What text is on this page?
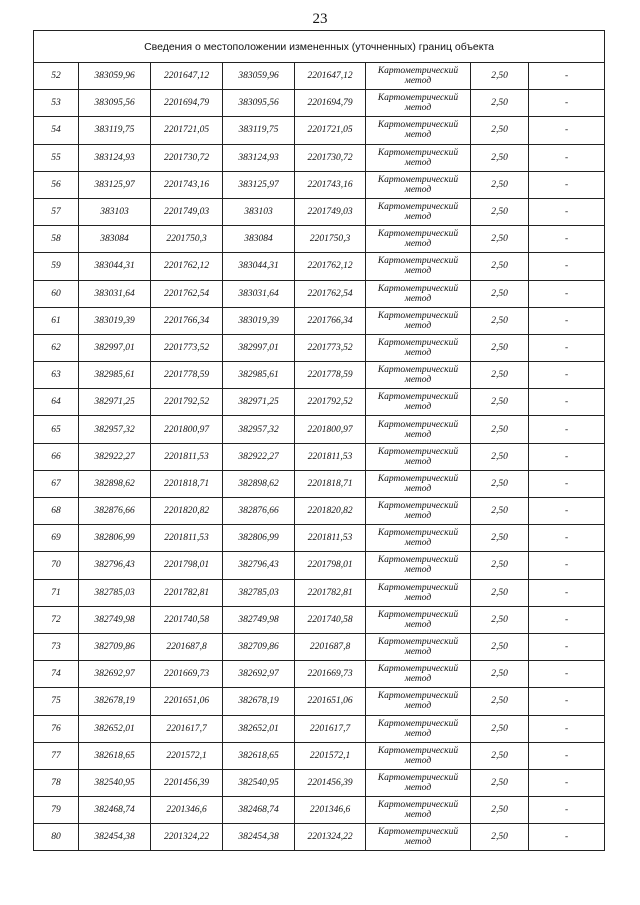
23
Сведения о местоположении измененных (уточненных) границ объекта							
52	383059,96	2201647,12	383059,96	2201647,12	Картометрический метод	2,50	-
53	383095,56	2201694,79	383095,56	2201694,79	Картометрический метод	2,50	-
54	383119,75	2201721,05	383119,75	2201721,05	Картометрический метод	2,50	-
55	383124,93	2201730,72	383124,93	2201730,72	Картометрический метод	2,50	-
56	383125,97	2201743,16	383125,97	2201743,16	Картометрический метод	2,50	-
57	383103	2201749,03	383103	2201749,03	Картометрический метод	2,50	-
58	383084	2201750,3	383084	2201750,3	Картометрический метод	2,50	-
59	383044,31	2201762,12	383044,31	2201762,12	Картометрический метод	2,50	-
60	383031,64	2201762,54	383031,64	2201762,54	Картометрический метод	2,50	-
61	383019,39	2201766,34	383019,39	2201766,34	Картометрический метод	2,50	-
62	382997,01	2201773,52	382997,01	2201773,52	Картометрический метод	2,50	-
63	382985,61	2201778,59	382985,61	2201778,59	Картометрический метод	2,50	-
64	382971,25	2201792,52	382971,25	2201792,52	Картометрический метод	2,50	-
65	382957,32	2201800,97	382957,32	2201800,97	Картометрический метод	2,50	-
66	382922,27	2201811,53	382922,27	2201811,53	Картометрический метод	2,50	-
67	382898,62	2201818,71	382898,62	2201818,71	Картометрический метод	2,50	-
68	382876,66	2201820,82	382876,66	2201820,82	Картометрический метод	2,50	-
69	382806,99	2201811,53	382806,99	2201811,53	Картометрический метод	2,50	-
70	382796,43	2201798,01	382796,43	2201798,01	Картометрический метод	2,50	-
71	382785,03	2201782,81	382785,03	2201782,81	Картометрический метод	2,50	-
72	382749,98	2201740,58	382749,98	2201740,58	Картометрический метод	2,50	-
73	382709,86	2201687,8	382709,86	2201687,8	Картометрический метод	2,50	-
74	382692,97	2201669,73	382692,97	2201669,73	Картометрический метод	2,50	-
75	382678,19	2201651,06	382678,19	2201651,06	Картометрический метод	2,50	-
76	382652,01	2201617,7	382652,01	2201617,7	Картометрический метод	2,50	-
77	382618,65	2201572,1	382618,65	2201572,1	Картометрический метод	2,50	-
78	382540,95	2201456,39	382540,95	2201456,39	Картометрический метод	2,50	-
79	382468,74	2201346,6	382468,74	2201346,6	Картометрический метод	2,50	-
80	382454,38	2201324,22	382454,38	2201324,22	Картометрический метод	2,50	-
